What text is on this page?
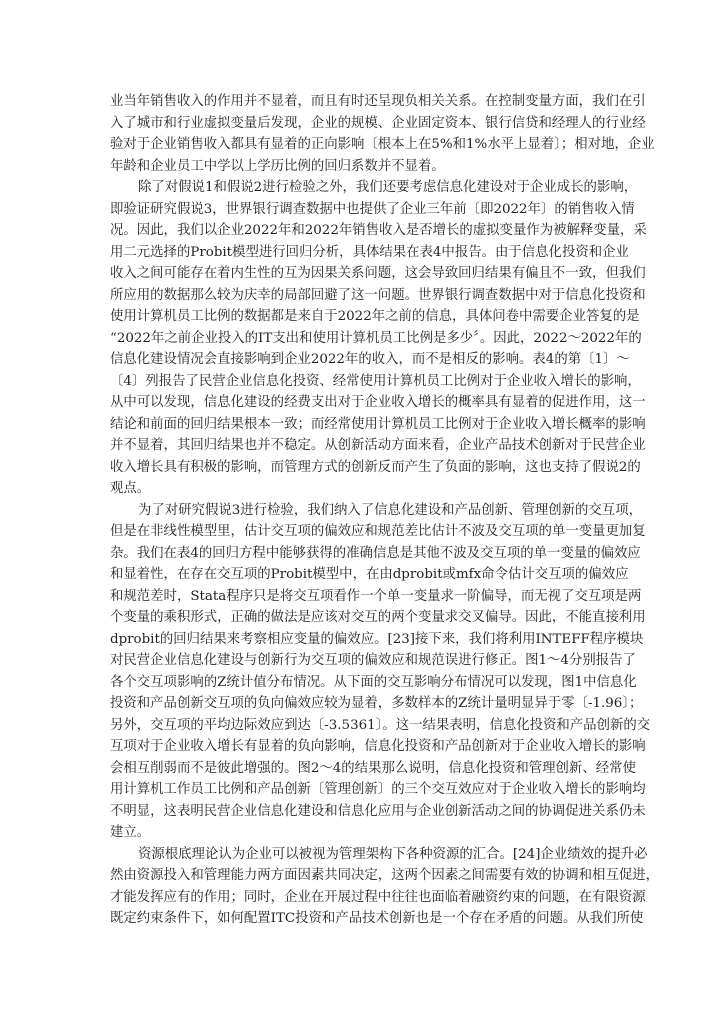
业当年销售收入的作用并不显着，而且有时还呈现负相关关系。在控制变量方面，我们在引
入了城市和行业虚拟变量后发现，企业的规模、企业固定资本、银行信贷和经理人的行业经
验对于企业销售收入都具有显着的正向影响〔根本上在5%和1%水平上显着〕；相对地，企业
年龄和企业员工中学以上学历比例的回归系数并不显着。
除了对假说1和假说2进行检验之外，我们还要考虑信息化建设对于企业成长的影响，
即验证研究假说3，世界银行调查数据中也提供了企业三年前〔即2022年〕的销售收入情
况。因此，我们以企业2022年和2022年销售收入是否增长的虚拟变量作为被解释变量，采
用二元选择的Probit模型进行回归分析，具体结果在表4中报告。由于信息化投资和企业
收入之间可能存在着内生性的互为因果关系问题，这会导致回归结果有偏且不一致，但我们
所应用的数据那么较为庆幸的局部回避了这一问题。世界银行调查数据中对于信息化投资和
使用计算机员工比例的数据都是来自于2022年之前的信息，具体问卷中需要企业答复的是
“2022年之前企业投入的IT支出和使用计算机员工比例是多少〞。因此，2022～2022年的
信息化建设情况会直接影响到企业2022年的收入，而不是相反的影响。表4的第〔1〕～
〔4〕列报告了民营企业信息化投资、经常使用计算机员工比例对于企业收入增长的影响，
从中可以发现，信息化建设的经费支出对于企业收入增长的概率具有显着的促进作用，这一
结论和前面的回归结果根本一致；而经常使用计算机员工比例对于企业收入增长概率的影响
并不显着，其回归结果也并不稳定。从创新活动方面来看，企业产品技术创新对于民营企业
收入增长具有积极的影响，而管理方式的创新反而产生了负面的影响，这也支持了假说2的
观点。
为了对研究假说3进行检验，我们纳入了信息化建设和产品创新、管理创新的交互项，
但是在非线性模型里，估计交互项的偏效应和规范差比估计不波及交互项的单一变量更加复
杂。我们在表4的回归方程中能够获得的准确信息是其他不波及交互项的单一变量的偏效应
和显着性，在存在交互项的Probit模型中，在由dprobit或mfx命令估计交互项的偏效应
和规范差时，Stata程序只是将交互项看作一个单一变量求一阶偏导，而无视了交互项是两
个变量的乘积形式，正确的做法是应该对交互的两个变量求交叉偏导。因此，不能直接利用
dprobit的回归结果来考察相应变量的偏效应。[23]接下来，我们将利用INTEFF程序模块
对民营企业信息化建设与创新行为交互项的偏效应和规范误进行修正。图1～4分别报告了
各个交互项影响的Z统计值分布情况。从下面的交互影响分布情况可以发现，图1中信息化
投资和产品创新交互项的负向偏效应较为显着，多数样本的Z统计量明显异于零〔-1.96〕；
另外，交互项的平均边际效应到达〔-3.5361〕。这一结果表明，信息化投资和产品创新的交
互项对于企业收入增长有显着的负向影响，信息化投资和产品创新对于企业收入增长的影响
会相互削弱而不是彼此增强的。图2～4的结果那么说明，信息化投资和管理创新、经常使
用计算机工作员工比例和产品创新〔管理创新〕的三个交互效应对于企业收入增长的影响均
不明显，这表明民营企业信息化建设和信息化应用与企业创新活动之间的协调促进关系仍未
建立。
资源根底理论认为企业可以被视为管理架构下各种资源的汇合。[24]企业绩效的提升必
然由资源投入和管理能力两方面因素共同决定，这两个因素之间需要有效的协调和相互促进，
才能发挥应有的作用；同时，企业在开展过程中往往也面临着融资约束的问题，在有限资源
既定约束条件下，如何配置ITC投资和产品技术创新也是一个存在矛盾的问题。从我们所使
